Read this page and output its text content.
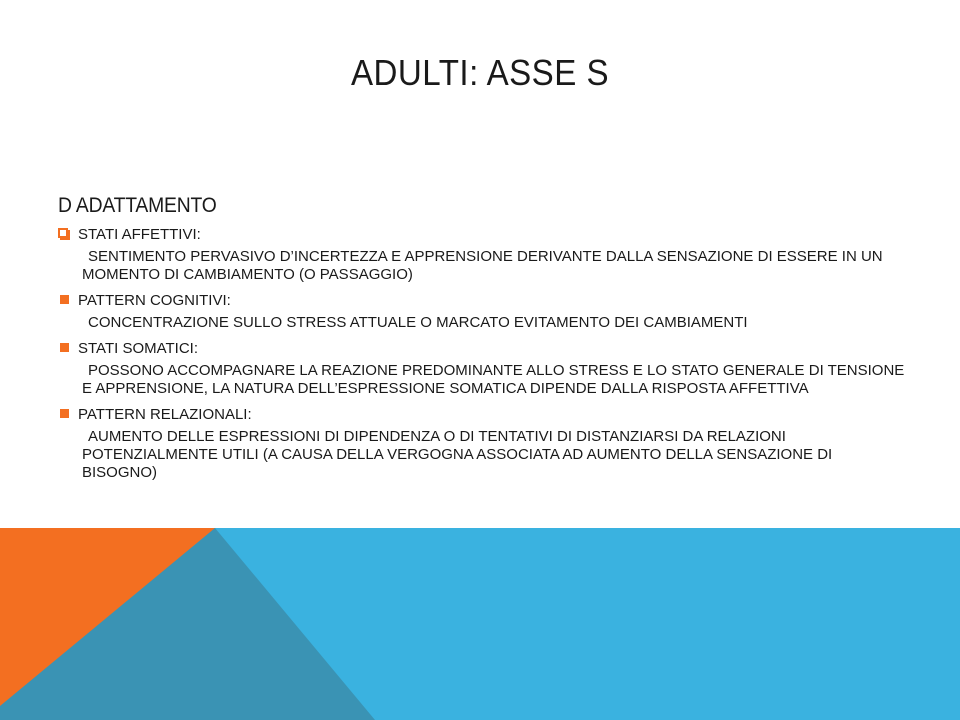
ADULTI: ASSE S
D ADATTAMENTO
STATI AFFETTIVI:
SENTIMENTO PERVASIVO D’INCERTEZZA E APPRENSIONE DERIVANTE DALLA SENSAZIONE DI ESSERE IN UN MOMENTO DI CAMBIAMENTO (O PASSAGGIO)
PATTERN COGNITIVI:
CONCENTRAZIONE SULLO STRESS ATTUALE O MARCATO EVITAMENTO DEI CAMBIAMENTI
STATI SOMATICI:
POSSONO ACCOMPAGNARE LA REAZIONE PREDOMINANTE ALLO STRESS E LO STATO GENERALE DI TENSIONE E APPRENSIONE, LA NATURA DELL’ESPRESSIONE SOMATICA DIPENDE DALLA RISPOSTA AFFETTIVA
PATTERN RELAZIONALI:
AUMENTO DELLE ESPRESSIONI DI DIPENDENZA O DI TENTATIVI DI DISTANZIARSI DA RELAZIONI POTENZIALMENTE UTILI (A CAUSA DELLA VERGOGNA ASSOCIATA AD AUMENTO DELLA SENSAZIONE DI BISOGNO)
